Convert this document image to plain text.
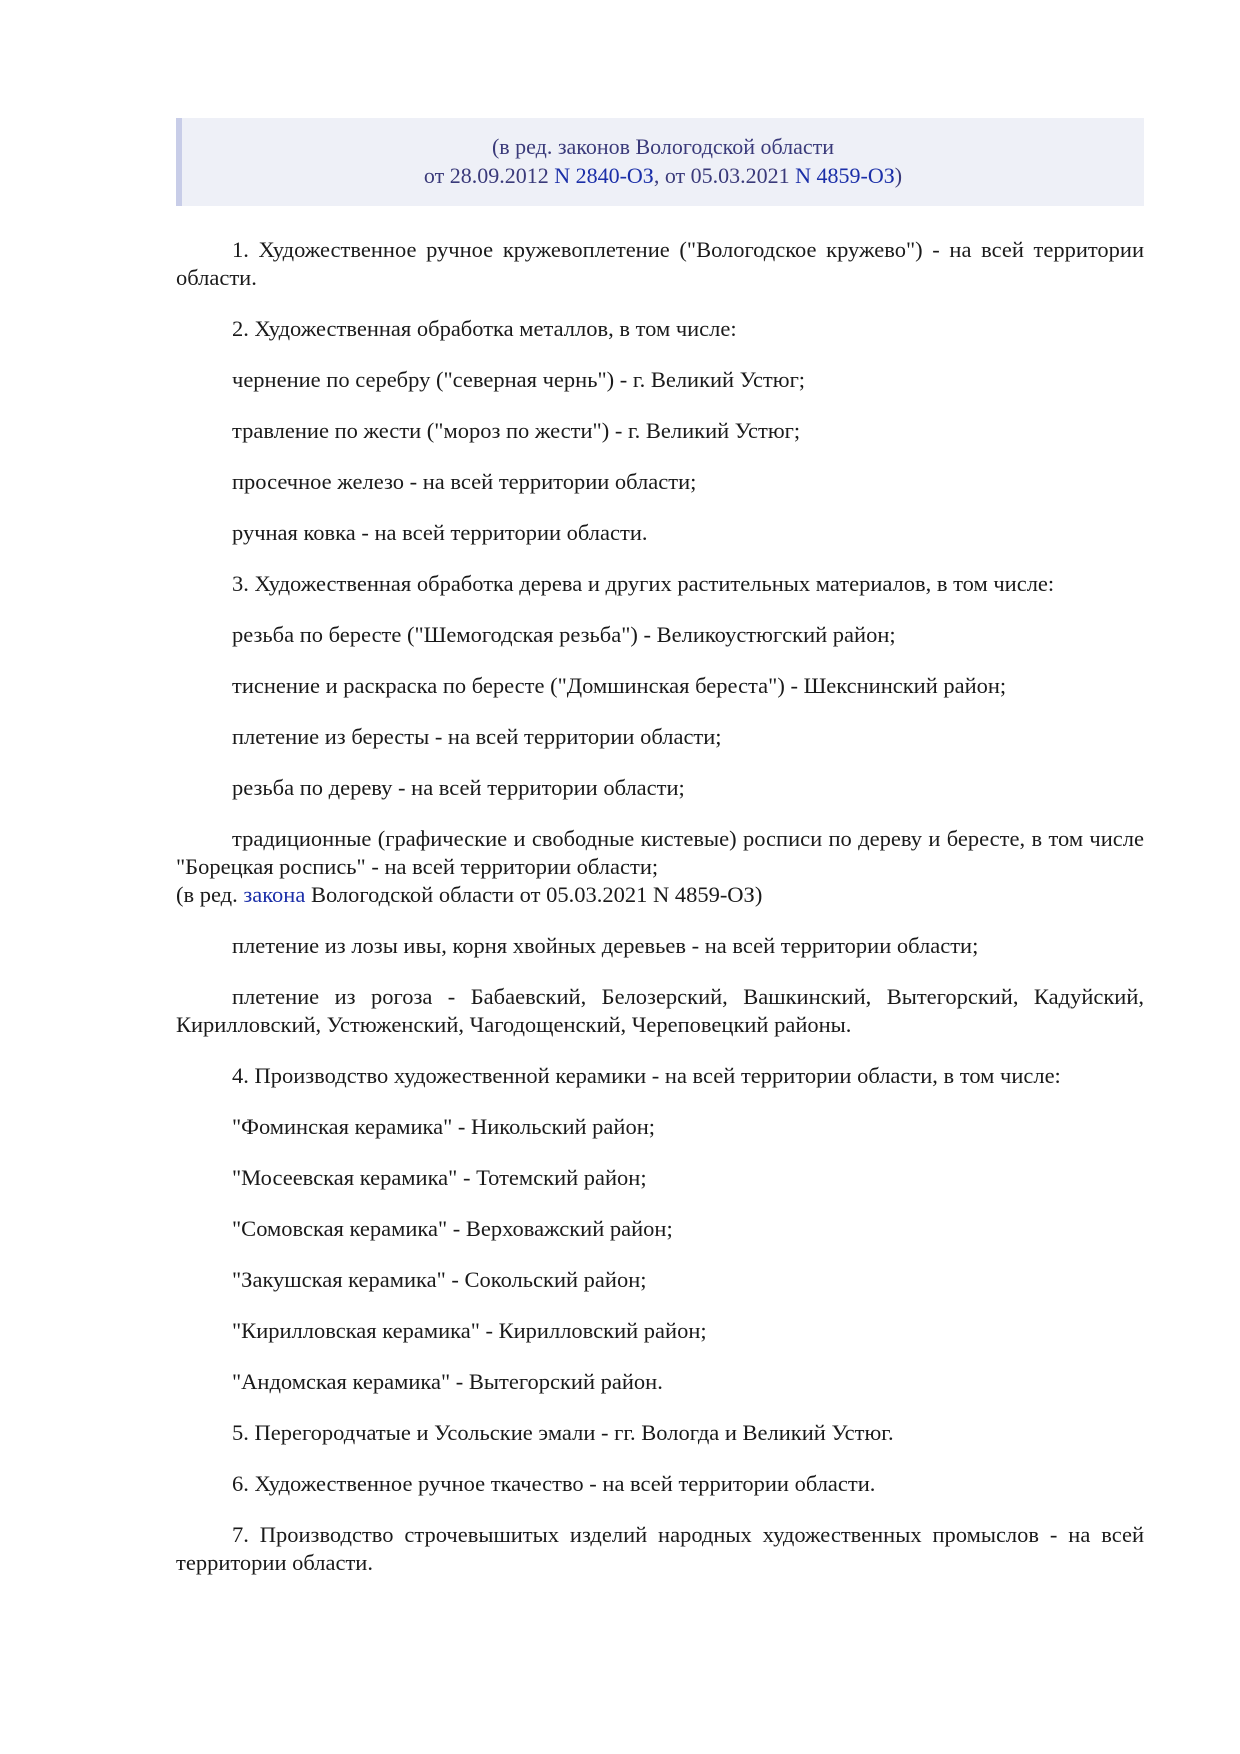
(в ред. законов Вологодской области
от 28.09.2012 N 2840-ОЗ, от 05.03.2021 N 4859-ОЗ)

1. Художественное ручное кружевоплетение ("Вологодское кружево") - на всей территории области.

2. Художественная обработка металлов, в том числе:

чернение по серебру ("северная чернь") - г. Великий Устюг;

травление по жести ("мороз по жести") - г. Великий Устюг;

просечное железо - на всей территории области;

ручная ковка - на всей территории области.

3. Художественная обработка дерева и других растительных материалов, в том числе:

резьба по бересте ("Шемогодская резьба") - Великоустюгский район;

тиснение и раскраска по бересте ("Домшинская береста") - Шекснинский район;

плетение из бересты - на всей территории области;

резьба по дереву - на всей территории области;

традиционные (графические и свободные кистевые) росписи по дереву и бересте, в том числе "Борецкая роспись" - на всей территории области;

(в ред. закона Вологодской области от 05.03.2021 N 4859-ОЗ)

плетение из лозы ивы, корня хвойных деревьев - на всей территории области;

плетение из рогоза - Бабаевский, Белозерский, Вашкинский, Вытегорский, Кадуйский, Кирилловский, Устюженский, Чагодощенский, Череповецкий районы.

4. Производство художественной керамики - на всей территории области, в том числе:

"Фоминская керамика" - Никольский район;

"Мосеевская керамика" - Тотемский район;

"Сомовская керамика" - Верховажский район;

"Закушская керамика" - Сокольский район;

"Кирилловская керамика" - Кирилловский район;

"Андомская керамика" - Вытегорский район.

5. Перегородчатые и Усольские эмали - гг. Вологда и Великий Устюг.

6. Художественное ручное ткачество - на всей территории области.

7. Производство строчевышитых изделий народных художественных промыслов - на всей территории области.
